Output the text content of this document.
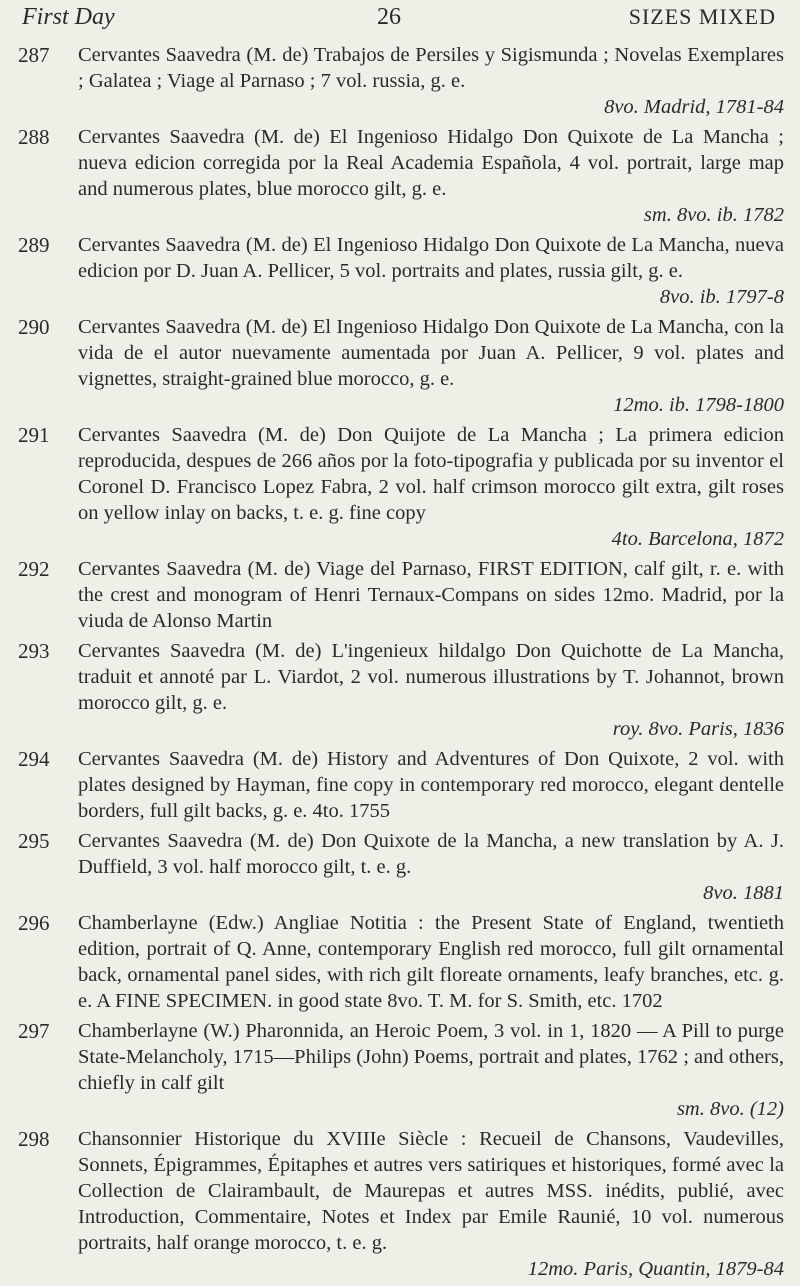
First Day	26	SIZES MIXED
287	Cervantes Saavedra (M. de) Trabajos de Persiles y Sigismunda ; Novelas Exemplares ; Galatea ; Viage al Parnaso ; 7 vol. russia, g. e.

8vo. Madrid, 1781-84
288	Cervantes Saavedra (M. de) El Ingenioso Hidalgo Don Quixote de La Mancha ; nueva edicion corregida por la Real Academia Española, 4 vol. portrait, large map and numerous plates, blue morocco gilt, g. e.

sm. 8vo. ib. 1782
289	Cervantes Saavedra (M. de) El Ingenioso Hidalgo Don Quixote de La Mancha, nueva edicion por D. Juan A. Pellicer, 5 vol. portraits and plates, russia gilt, g. e.

8vo. ib. 1797-8
290	Cervantes Saavedra (M. de) El Ingenioso Hidalgo Don Quixote de La Mancha, con la vida de el autor nuevamente aumentada por Juan A. Pellicer, 9 vol. plates and vignettes, straight-grained blue morocco, g. e.

12mo. ib. 1798-1800
291	Cervantes Saavedra (M. de) Don Quijote de La Mancha ; La primera edicion reproducida, despues de 266 años por la foto-tipografia y publicada por su inventor el Coronel D. Francisco Lopez Fabra, 2 vol. half crimson morocco gilt extra, gilt roses on yellow inlay on backs, t. e. g. fine copy

4to. Barcelona, 1872
292	Cervantes Saavedra (M. de) Viage del Parnaso, FIRST EDITION, calf gilt, r. e. with the crest and monogram of Henri Ternaux-Compans on sides 12mo. Madrid, por la viuda de Alonso Martin

293	Cervantes Saavedra (M. de) L'ingenieux hildalgo Don Quichotte de La Mancha, traduit et annoté par L. Viardot, 2 vol. numerous illustrations by T. Johannot, brown morocco gilt, g. e.

roy. 8vo. Paris, 1836
294	Cervantes Saavedra (M. de) History and Adventures of Don Quixote, 2 vol. with plates designed by Hayman, fine copy in contemporary red morocco, elegant dentelle borders, full gilt backs, g. e. 4to. 1755

295	Cervantes Saavedra (M. de) Don Quixote de la Mancha, a new translation by A. J. Duffield, 3 vol. half morocco gilt, t. e. g.

8vo. 1881
296	Chamberlayne (Edw.) Angliae Notitia : the Present State of England, twentieth edition, portrait of Q. Anne, contemporary English red morocco, full gilt ornamental back, ornamental panel sides, with rich gilt floreate ornaments, leafy branches, etc. g. e. A FINE SPECIMEN. in good state 8vo. T. M. for S. Smith, etc. 1702

297	Chamberlayne (W.) Pharonnida, an Heroic Poem, 3 vol. in 1, 1820 — A Pill to purge State-Melancholy, 1715—Philips (John) Poems, portrait and plates, 1762 ; and others, chiefly in calf gilt

sm. 8vo. (12)
298	Chansonnier Historique du XVIIIe Siècle : Recueil de Chansons, Vaudevilles, Sonnets, Épigrammes, Épitaphes et autres vers satiriques et historiques, formé avec la Collection de Clairambault, de Maurepas et autres MSS. inédits, publié, avec Introduction, Commentaire, Notes et Index par Emile Raunié, 10 vol. numerous portraits, half orange morocco, t. e. g.

12mo. Paris, Quantin, 1879-84
